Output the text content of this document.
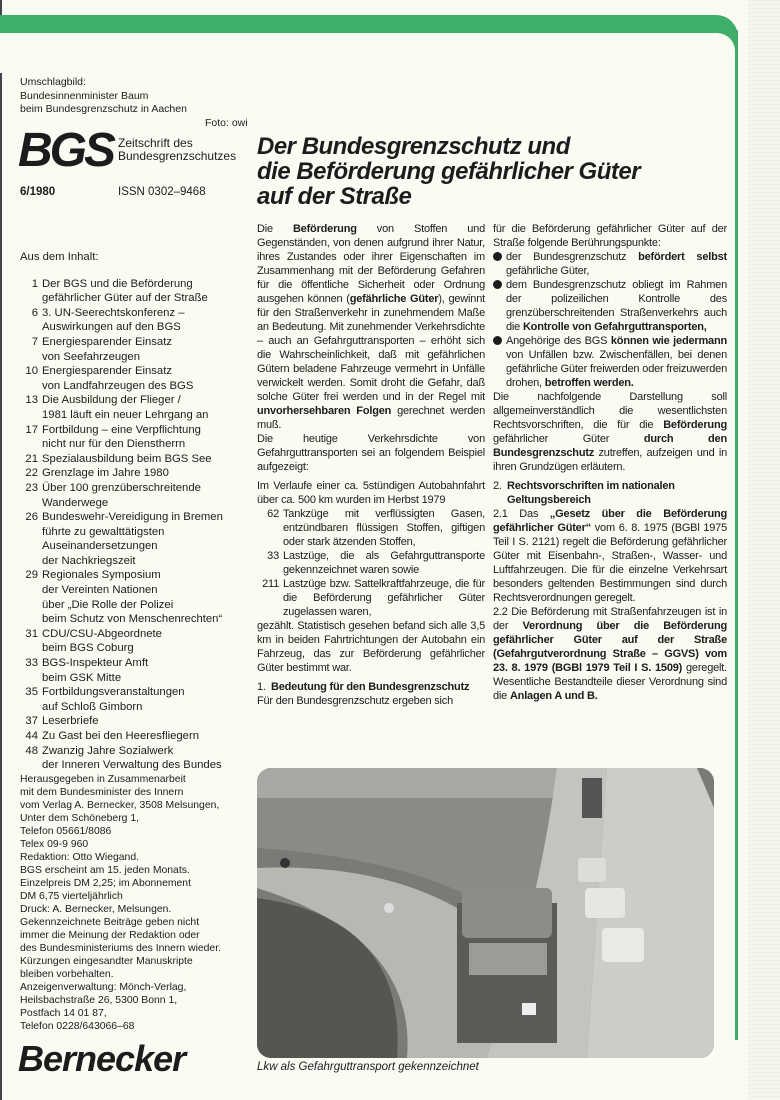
Umschlagbild:
Bundesinnenminister Baum
beim Bundesgrenzschutz in Aachen
Foto: owi
BGS Zeitschrift des
Bundesgrenzschutzes
6/1980	ISSN 0302–9468
Der Bundesgrenzschutz und
die Beförderung gefährlicher Güter
auf der Straße
Aus dem Inhalt:
1 Der BGS und die Beförderung
gefährlicher Güter auf der Straße
6 3. UN-Seerechtskonferenz –
Auswirkungen auf den BGS
7 Energiesparender Einsatz
von Seefahrzeugen
10 Energiesparender Einsatz
von Landfahrzeugen des BGS
13 Die Ausbildung der Flieger /
1981 läuft ein neuer Lehrgang an
17 Fortbildung – eine Verpflichtung
nicht nur für den Dienstherrn
21 Spezialausbildung beim BGS See
22 Grenzlage im Jahre 1980
23 Über 100 grenzüberschreitende
Wanderwege
26 Bundeswehr-Vereidigung in Bremen
führte zu gewalttätigsten
Auseinandersetzungen
der Nachkriegszeit
29 Regionales Symposium
der Vereinten Nationen
über „Die Rolle der Polizei
beim Schutz von Menschenrechten“
31 CDU/CSU-Abgeordnete
beim BGS Coburg
33 BGS-Inspekteur Amft
beim GSK Mitte
35 Fortbildungsveranstaltungen
auf Schloß Gimborn
37 Leserbriefe
44 Zu Gast bei den Heeresfliegern
48 Zwanzig Jahre Sozialwerk
der Inneren Verwaltung des Bundes
Herausgegeben in Zusammenarbeit
mit dem Bundesminister des Innern
vom Verlag A. Bernecker, 3508 Melsungen,
Unter dem Schöneberg 1,
Telefon 05661/8086
Telex 09-9 960
Redaktion: Otto Wiegand.
BGS erscheint am 15. jeden Monats.
Einzelpreis DM 2,25; im Abonnement
DM 6,75 vierteljährlich
Druck: A. Bernecker, Melsungen.
Gekennzeichnete Beiträge geben nicht
immer die Meinung der Redaktion oder
des Bundesministeriums des Innern wieder.
Kürzungen eingesandter Manuskripte
bleiben vorbehalten.
Anzeigenverwaltung: Mönch-Verlag,
Heilsbachstraße 26, 5300 Bonn 1,
Postfach 14 01 87,
Telefon 0228/643066–68
Bernecker

Die Beförderung von Stoffen und Gegenständen, von denen aufgrund ihrer Natur, ihres Zustandes oder ihrer Eigenschaften im Zusammenhang mit der Beförderung Gefahren für die öffentliche Sicherheit oder Ordnung ausgehen können (gefährliche Güter), gewinnt für den Straßenverkehr in zunehmendem Maße an Bedeutung. Mit zunehmender Verkehrsdichte – auch an Gefahrguttransporten – erhöht sich die Wahrscheinlichkeit, daß mit gefährlichen Gütern beladene Fahrzeuge vermehrt in Unfälle verwickelt werden. Somit droht die Gefahr, daß solche Güter frei werden und in der Regel mit unvorhersehbaren Folgen gerechnet werden muß.

Die heutige Verkehrsdichte von Gefahrguttransporten sei an folgendem Beispiel aufgezeigt:

Im Verlaufe einer ca. 5stündigen Autobahnfahrt über ca. 500 km wurden im Herbst 1979

62 Tankzüge mit verflüssigten Gasen, entzündbaren flüssigen Stoffen, giftigen oder stark ätzenden Stoffen,
33 Lastzüge, die als Gefahrguttransporte gekennzeichnet waren sowie
211 Lastzüge bzw. Sattelkraftfahrzeuge, die für die Beförderung gefährlicher Güter zugelassen waren,

gezählt. Statistisch gesehen befand sich alle 3,5 km in beiden Fahrtrichtungen der Autobahn ein Fahrzeug, das zur Beförderung gefährlicher Güter bestimmt war.

1. Bedeutung für den Bundesgrenzschutz

Für den Bundesgrenzschutz ergeben sich

für die Beförderung gefährlicher Güter auf der Straße folgende Berührungspunkte:

der Bundesgrenzschutz befördert selbst gefährliche Güter,
dem Bundesgrenzschutz obliegt im Rahmen der polizeilichen Kontrolle des grenzüberschreitenden Straßenverkehrs auch die Kontrolle von Gefahrguttransporten,
Angehörige des BGS können wie jedermann von Unfällen bzw. Zwischenfällen, bei denen gefährliche Güter freiwerden oder freizuwerden drohen, betroffen werden.

Die nachfolgende Darstellung soll allgemeinverständlich die wesentlichsten Rechtsvorschriften, die für die Beförderung gefährlicher Güter durch den Bundesgrenzschutz zutreffen, aufzeigen und in ihren Grundzügen erläutern.

2. Rechtsvorschriften im nationalen Geltungsbereich

2.1 Das „Gesetz über die Beförderung gefährlicher Güter“ vom 6. 8. 1975 (BGBl 1975 Teil I S. 2121) regelt die Beförderung gefährlicher Güter mit Eisenbahn-, Straßen-, Wasser- und Luftfahrzeugen. Die für die einzelne Verkehrsart besonders geltenden Bestimmungen sind durch Rechtsverordnungen geregelt.

2.2 Die Beförderung mit Straßenfahrzeugen ist in der Verordnung über die Beförderung gefährlicher Güter auf der Straße (Gefahrgutverordnung Straße – GGVS) vom 23. 8. 1979 (BGBl 1979 Teil I S. 1509) geregelt. Wesentliche Bestandteile dieser Verordnung sind die Anlagen A und B.

Lkw als Gefahrguttransport gekennzeichnet
